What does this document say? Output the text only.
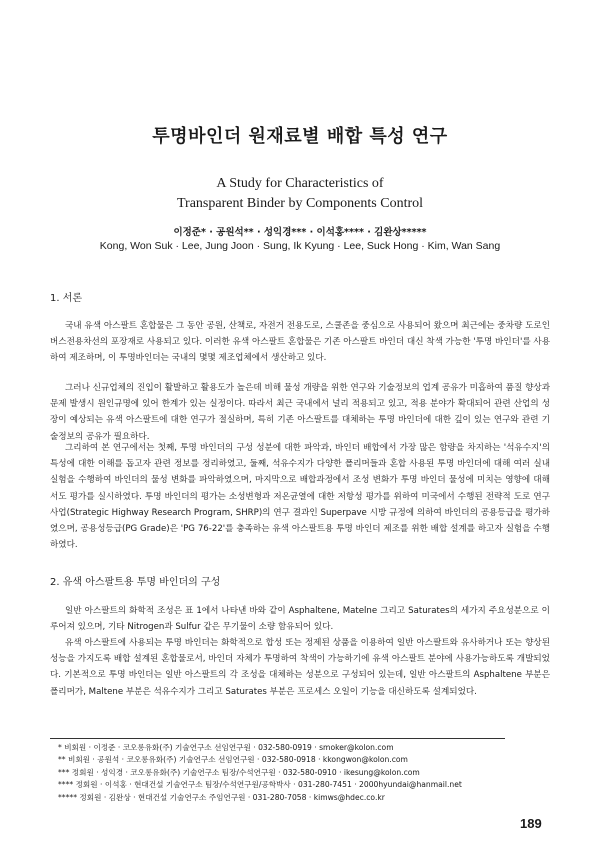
투명바인더 원재료별 배합 특성 연구
A Study for Characteristics of
Transparent Binder by Components Control
이정준* · 공원석** · 성익경*** · 이석홍**** · 김완상*****
Kong, Won Suk · Lee, Jung Joon · Sung, Ik Kyung · Lee, Suck Hong · Kim, Wan Sang
1. 서론

국내 유색 아스팔트 혼합물은 그 동안 공원, 산책로, 자전거 전용도로, 스쿨존을 중심으로 사용되어 왔으며 최근에는 중차량 도로인 버스전용차선의 포장재로 사용되고 있다. 이러한 유색 아스팔트 혼합물은 기존 아스팔트 바인더 대신 착색 가능한 '투명 바인더'를 사용하여 제조하며, 이 투명바인더는 국내의 몇몇 제조업체에서 생산하고 있다.

그러나 신규업체의 진입이 활발하고 활용도가 높은데 비해 물성 개량을 위한 연구와 기술정보의 업계 공유가 미흡하여 품질 향상과 문제 발생시 원인규명에 있어 한계가 있는 실정이다. 따라서 최근 국내에서 널리 적용되고 있고, 적용 분야가 확대되어 관련 산업의 성장이 예상되는 유색 아스팔트에 대한 연구가 절실하며, 특히 기존 아스팔트를 대체하는 투명 바인더에 대한 깊이 있는 연구와 관련 기술정보의 공유가 필요하다.

그리하여 본 연구에서는 첫째, 투명 바인더의 구성 성분에 대한 파악과, 바인더 배합에서 가장 많은 함량을 차지하는 '석유수지'의 특성에 대한 이해를 돕고자 관련 정보를 정리하였고, 둘째, 석유수지가 다양한 폴리머들과 혼합 사용된 투명 바인더에 대해 여러 실내 실험을 수행하여 바인더의 물성 변화를 파악하였으며, 마지막으로 배합과정에서 조성 변화가 투명 바인더 물성에 미치는 영향에 대해서도 평가를 실시하였다. 투명 바인더의 평가는 소성변형과 저온균열에 대한 저항성 평가를 위하여 미국에서 수행된 전략적 도로 연구사업(Strategic Highway Research Program, SHRP)의 연구 결과인 Superpave 시방 규정에 의하여 바인더의 공용등급을 평가하였으며, 공용성등급(PG Grade)은 'PG 76-22'를 충족하는 유색 아스팔트용 투명 바인더 제조를 위한 배합 설계를 하고자 실험을 수행하였다.

2. 유색 아스팔트용 투명 바인더의 구성

일반 아스팔트의 화학적 조성은 표 1에서 나타낸 바와 같이 Asphaltene, Matelne 그리고 Saturates의 세가지 주요성분으로 이루어져 있으며, 기타 Nitrogen과 Sulfur 같은 무기물이 소량 함유되어 있다.

유색 아스팔트에 사용되는 투명 바인더는 화학적으로 합성 또는 정제된 상품을 이용하여 일반 아스팔트와 유사하거나 또는 향상된 성능을 가지도록 배합 설계된 혼합물로서, 바인더 자체가 투명하여 착색이 가능하기에 유색 아스팔트 분야에 사용가능하도록 개발되었다. 기본적으로 투명 바인더는 일반 아스팔트의 각 조성을 대체하는 성분으로 구성되어 있는데, 일반 아스팔트의 Asphaltene 부분은 폴리머가, Maltene 부분은 석유수지가 그리고 Saturates 부분은 프로세스 오일이 기능을 대신하도록 설계되었다.

* 비회원 · 이정준 · 코오롱유화(주) 기술연구소 선임연구원 · 032-580-0919 · smoker@kolon.com
** 비회원 · 공원석 · 코오롱유화(주) 기술연구소 선임연구원 · 032-580-0918 · kkongwon@kolon.com
*** 정회원 · 성익경 · 코오롱유화(주) 기술연구소 팀장/수석연구원 · 032-580-0910 · ikesung@kolon.com
**** 정회원 · 이석홍 · 현대건설 기술연구소 팀장/수석연구원/공학박사 · 031-280-7451 · 2000hyundai@hanmail.net
***** 정회원 · 김완상 · 현대건설 기술연구소 주임연구원 · 031-280-7058 · kimws@hdec.co.kr
189
